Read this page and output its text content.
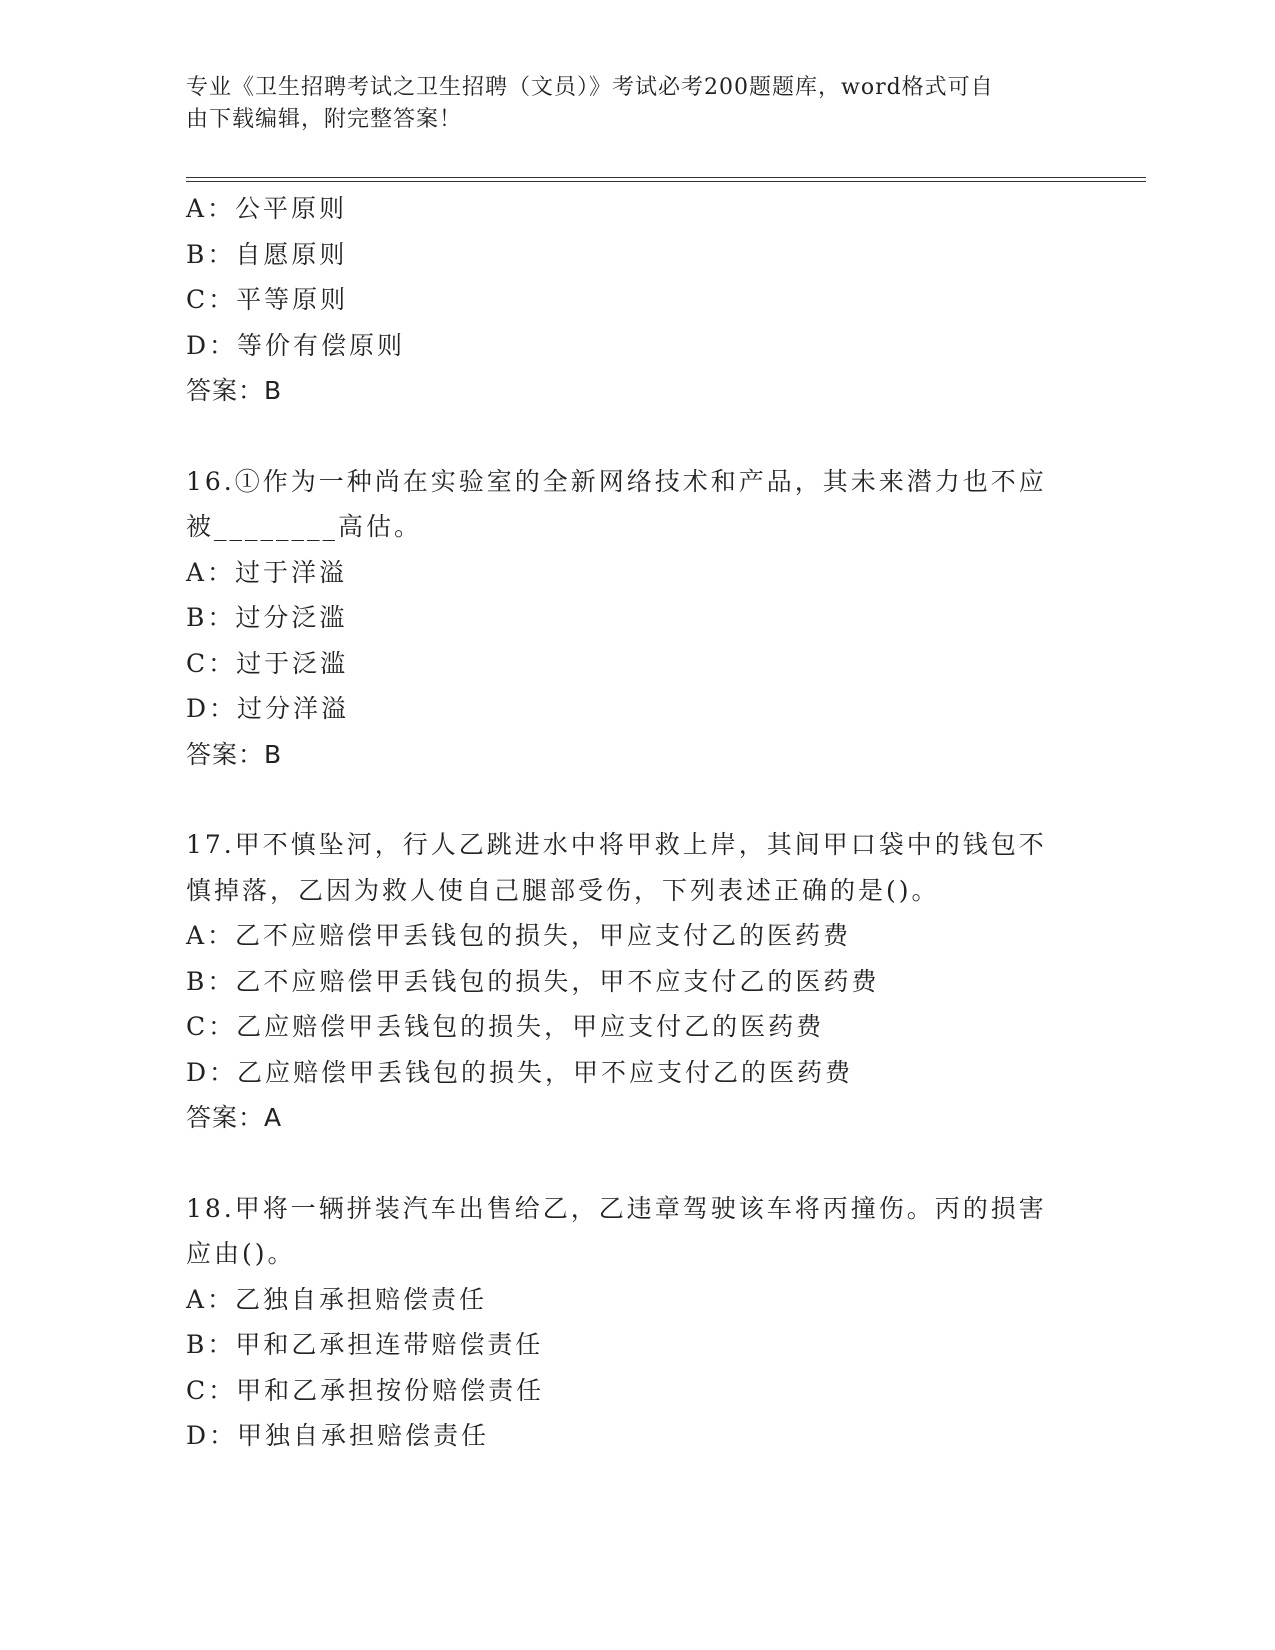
专业《卫生招聘考试之卫生招聘（文员）》考试必考200题题库，word格式可自
由下载编辑，附完整答案！
A：公平原则
B：自愿原则
C：平等原则
D：等价有偿原则
答案：B
16.①作为一种尚在实验室的全新网络技术和产品，其未来潜力也不应
被________高估。
A：过于洋溢
B：过分泛滥
C：过于泛滥
D：过分洋溢
答案：B
17.甲不慎坠河，行人乙跳进水中将甲救上岸，其间甲口袋中的钱包不
慎掉落，乙因为救人使自己腿部受伤，下列表述正确的是()。
A：乙不应赔偿甲丢钱包的损失，甲应支付乙的医药费
B：乙不应赔偿甲丢钱包的损失，甲不应支付乙的医药费
C：乙应赔偿甲丢钱包的损失，甲应支付乙的医药费
D：乙应赔偿甲丢钱包的损失，甲不应支付乙的医药费
答案：A
18.甲将一辆拼装汽车出售给乙，乙违章驾驶该车将丙撞伤。丙的损害
应由()。
A：乙独自承担赔偿责任
B：甲和乙承担连带赔偿责任
C：甲和乙承担按份赔偿责任
D：甲独自承担赔偿责任
